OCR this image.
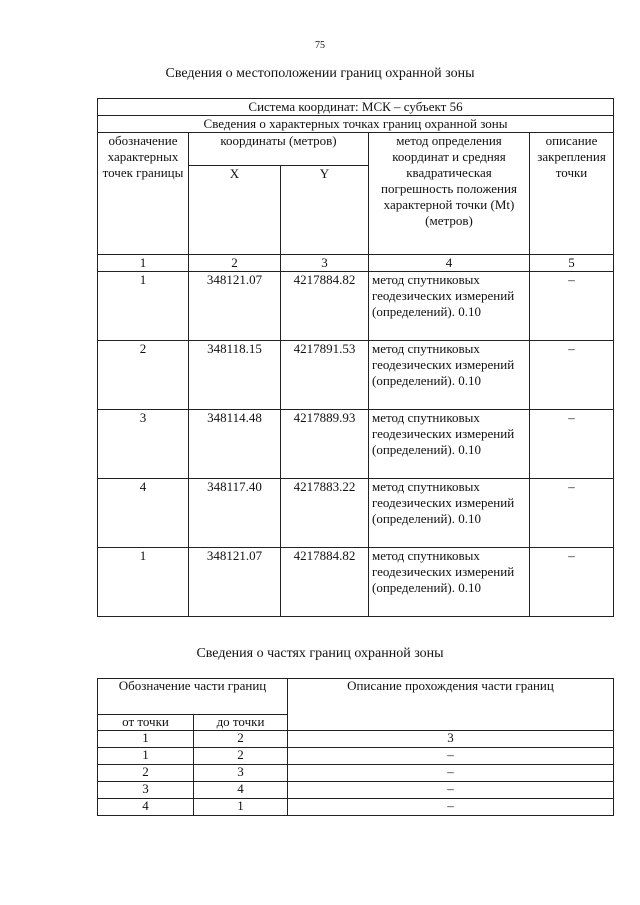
75
Сведения о местоположении границ охранной зоны
Система координат: МСК – субъект 56				
Сведения о характерных точках границ охранной зоны				
обозначение характерных точек границы	координаты (метров)		метод определения координат и средняя квадратическая погрешность положения характерной точки (Mt) (метров)	описание закрепления точки
	X	Y		
1	2	3	4	5
1	348121.07	4217884.82	метод спутниковых геодезических измерений (определений). 0.10	–
2	348118.15	4217891.53	метод спутниковых геодезических измерений (определений). 0.10	–
3	348114.48	4217889.93	метод спутниковых геодезических измерений (определений). 0.10	–
4	348117.40	4217883.22	метод спутниковых геодезических измерений (определений). 0.10	–
1	348121.07	4217884.82	метод спутниковых геодезических измерений (определений). 0.10	–
Сведения о частях границ охранной зоны
Обозначение части границ		Описание прохождения части границ
от точки	до точки	
1	2	3
1	2	–
2	3	–
3	4	–
4	1	–
